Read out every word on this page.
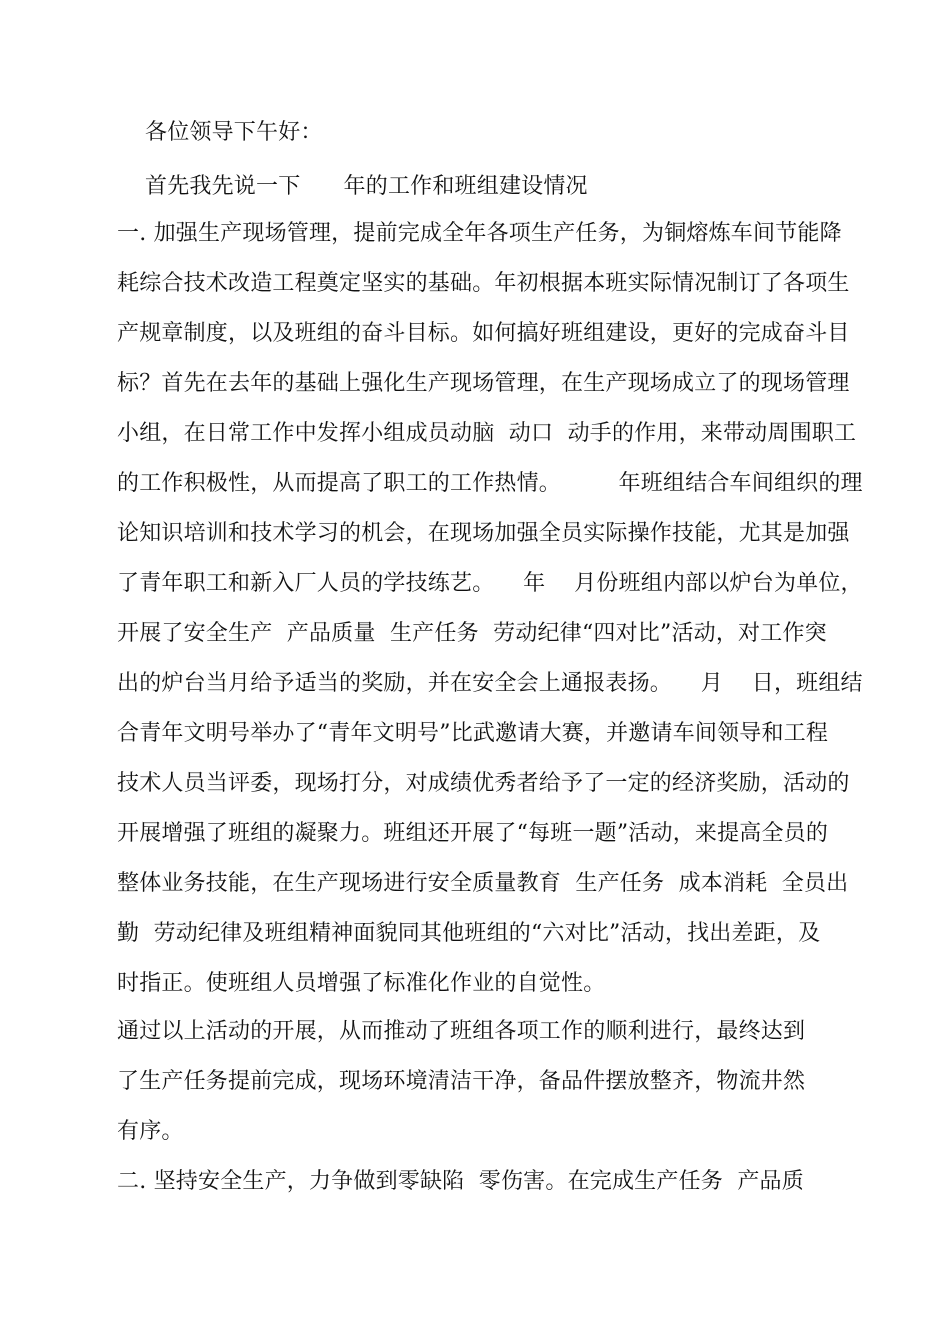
各位领导下午好：
首先我先说一下      年的工作和班组建设情况
一. 加强生产现场管理，提前完成全年各项生产任务，为铜熔炼车间节能降
耗综合技术改造工程奠定坚实的基础。年初根据本班实际情况制订了各项生
产规章制度，以及班组的奋斗目标。如何搞好班组建设，更好的完成奋斗目
标？首先在去年的基础上强化生产现场管理，在生产现场成立了的现场管理
小组，在日常工作中发挥小组成员动脑  动口  动手的作用，来带动周围职工
的工作积极性，从而提高了职工的工作热情。        年班组结合车间组织的理
论知识培训和技术学习的机会，在现场加强全员实际操作技能，尤其是加强
了青年职工和新入厂人员的学技练艺。    年    月份班组内部以炉台为单位，
开展了安全生产  产品质量  生产任务  劳动纪律“四对比”活动，对工作突
出的炉台当月给予适当的奖励，并在安全会上通报表扬。    月    日，班组结
合青年文明号举办了“青年文明号”比武邀请大赛，并邀请车间领导和工程
技术人员当评委，现场打分，对成绩优秀者给予了一定的经济奖励，活动的
开展增强了班组的凝聚力。班组还开展了“每班一题”活动，来提高全员的
整体业务技能，在生产现场进行安全质量教育  生产任务  成本消耗  全员出
勤  劳动纪律及班组精神面貌同其他班组的“六对比”活动，找出差距，及
时指正。使班组人员增强了标准化作业的自觉性。
通过以上活动的开展，从而推动了班组各项工作的顺利进行，最终达到
了生产任务提前完成，现场环境清洁干净，备品件摆放整齐，物流井然
有序。
二. 坚持安全生产，力争做到零缺陷  零伤害。在完成生产任务  产品质
